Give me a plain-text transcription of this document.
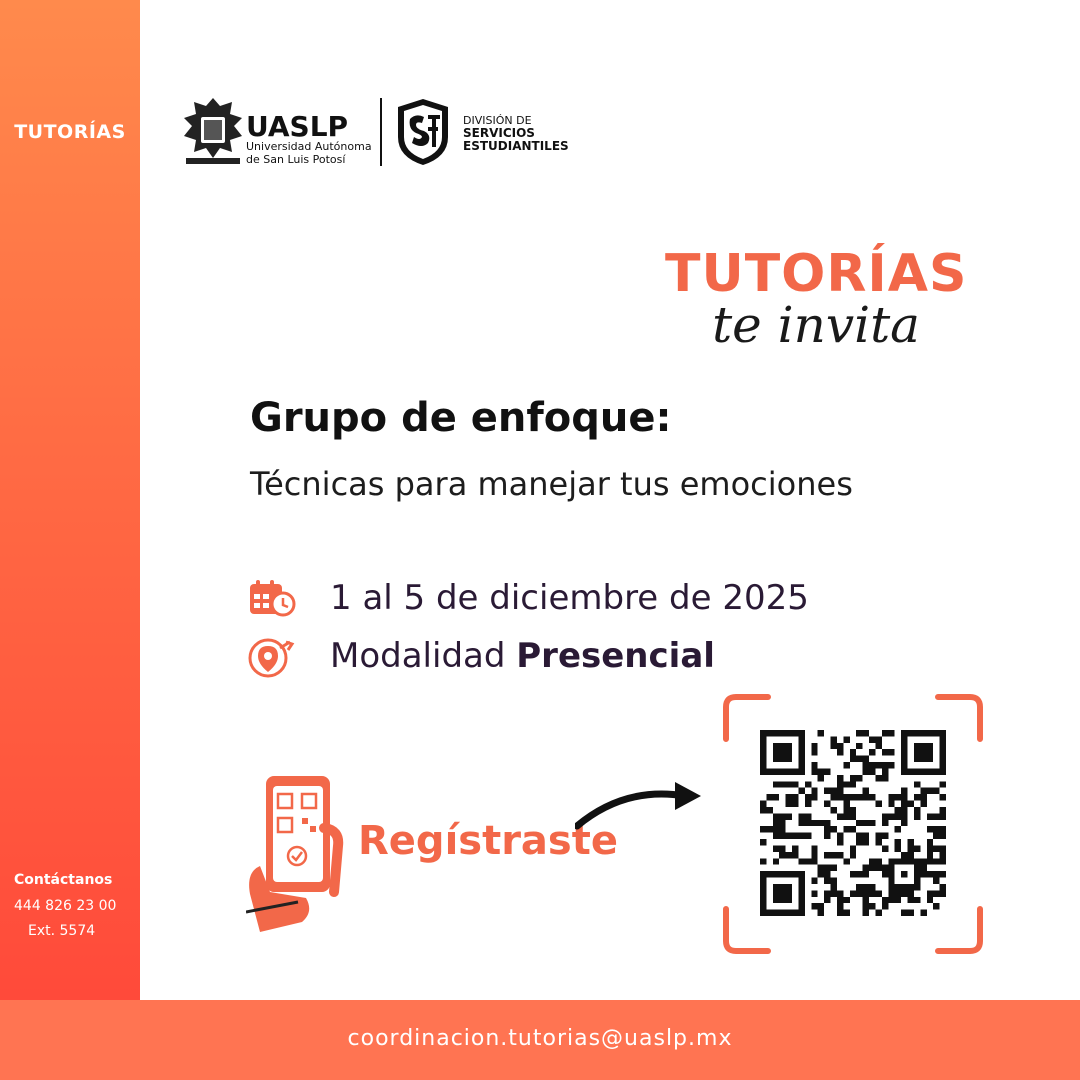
TUTORÍAS
Contáctanos
444 826 23 00
Ext. 5574
UASLP
Universidad Autónoma
de San Luis Potosí
DIVISIÓN DE
SERVICIOS
ESTUDIANTILES
TUTORÍAS
te invita
Grupo de enfoque:
Técnicas para manejar tus emociones
1 al 5 de diciembre de 2025
Modalidad Presencial
Regístraste
coordinacion.tutorias@uaslp.mx
